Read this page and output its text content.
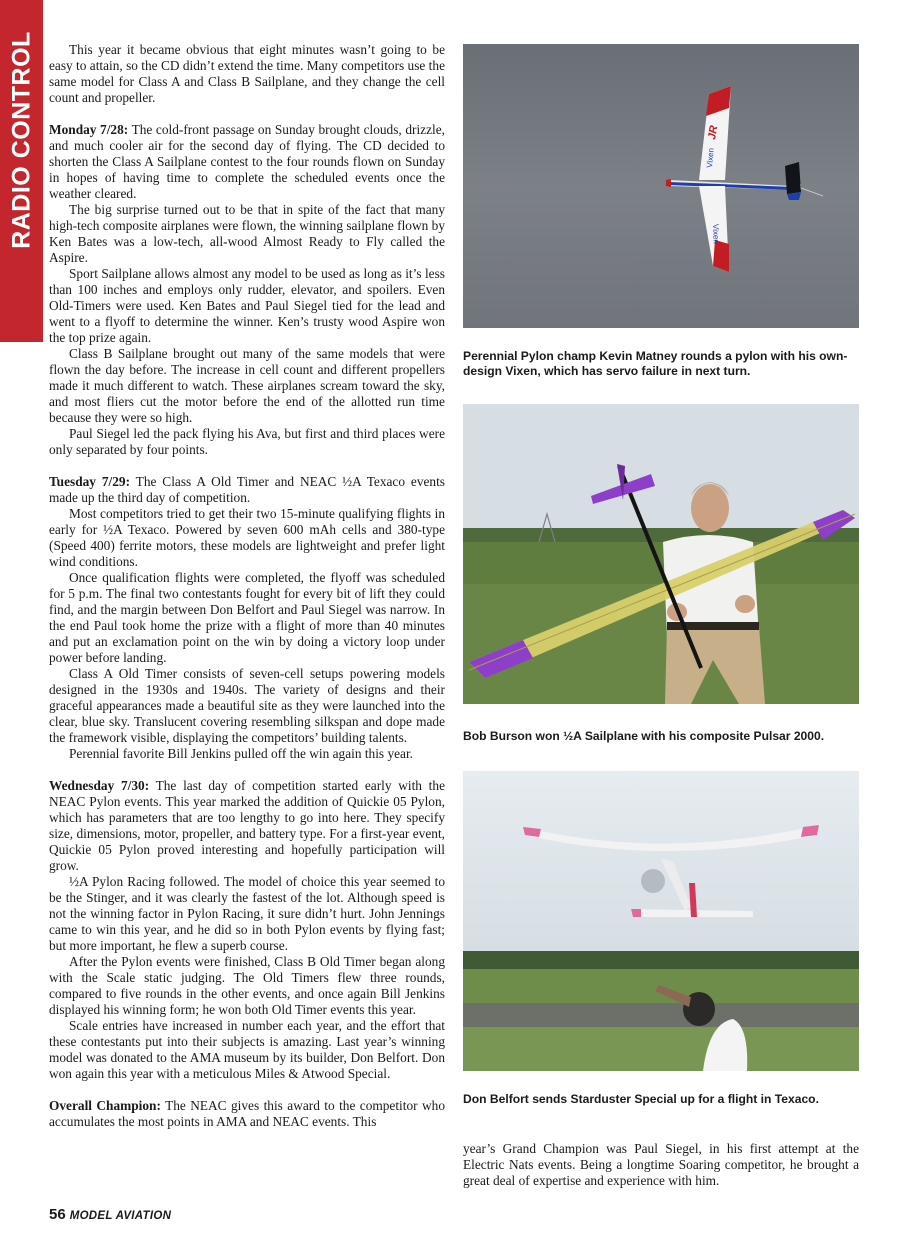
RADIO CONTROL	This year it became obvious that eight minutes wasn’t going to be easy to attain, so the CD didn’t extend the time. Many competitors use the same model for Class A and Class B Sailplane, and they change the cell count and propeller.

Monday 7/28: The cold-front passage on Sunday brought clouds, drizzle, and much cooler air for the second day of flying. The CD decided to shorten the Class A Sailplane contest to the four rounds flown on Sunday in hopes of having time to complete the scheduled events once the weather cleared.

The big surprise turned out to be that in spite of the fact that many high-tech composite airplanes were flown, the winning sailplane flown by Ken Bates was a low-tech, all-wood Almost Ready to Fly called the Aspire.

Sport Sailplane allows almost any model to be used as long as it’s less than 100 inches and employs only rudder, elevator, and spoilers. Even Old-Timers were used. Ken Bates and Paul Siegel tied for the lead and went to a flyoff to determine the winner. Ken’s trusty wood Aspire won the top prize again.

Class B Sailplane brought out many of the same models that were flown the day before. The increase in cell count and different propellers made it much different to watch. These airplanes scream toward the sky, and most fliers cut the motor before the end of the allotted run time because they were so high.

Paul Siegel led the pack flying his Ava, but first and third places were only separated by four points.

Tuesday 7/29: The Class A Old Timer and NEAC ½A Texaco events made up the third day of competition.

Most competitors tried to get their two 15-minute qualifying flights in early for ½A Texaco. Powered by seven 600 mAh cells and 380-type (Speed 400) ferrite motors, these models are lightweight and prefer light wind conditions.

Once qualification flights were completed, the flyoff was scheduled for 5 p.m. The final two contestants fought for every bit of lift they could find, and the margin between Don Belfort and Paul Siegel was narrow. In the end Paul took home the prize with a flight of more than 40 minutes and put an exclamation point on the win by doing a victory loop under power before landing.

Class A Old Timer consists of seven-cell setups powering models designed in the 1930s and 1940s. The variety of designs and their graceful appearances made a beautiful site as they were launched into the clear, blue sky. Translucent covering resembling silkspan and dope made the framework visible, displaying the competitors’ building talents.

Perennial favorite Bill Jenkins pulled off the win again this year.

Wednesday 7/30: The last day of competition started early with the NEAC Pylon events. This year marked the addition of Quickie 05 Pylon, which has parameters that are too lengthy to go into here. They specify size, dimensions, motor, propeller, and battery type. For a first-year event, Quickie 05 Pylon proved interesting and hopefully participation will grow.

½A Pylon Racing followed. The model of choice this year seemed to be the Stinger, and it was clearly the fastest of the lot. Although speed is not the winning factor in Pylon Racing, it sure didn’t hurt. John Jennings came to win this year, and he did so in both Pylon events by flying fast; but more important, he flew a superb course.

After the Pylon events were finished, Class B Old Timer began along with the Scale static judging. The Old Timers flew three rounds, compared to five rounds in the other events, and once again Bill Jenkins displayed his winning form; he won both Old Timer events this year.

Scale entries have increased in number each year, and the effort that these contestants put into their subjects is amazing. Last year’s winning model was donated to the AMA museum by its builder, Don Belfort. Don won again this year with a meticulous Miles & Atwood Special.

Overall Champion: The NEAC gives this award to the competitor who accumulates the most points in AMA and NEAC events. This

JR
Vixen
Vixen
Perennial Pylon champ Kevin Matney rounds a pylon with his own-design Vixen, which has servo failure in next turn.
Bob Burson won ½A Sailplane with his composite Pulsar 2000.
Don Belfort sends Starduster Special up for a flight in Texaco.

year’s Grand Champion was Paul Siegel, in his first attempt at the Electric Nats events. Being a longtime Soaring competitor, he brought a great deal of expertise and experience with him.

56 MODEL AVIATION
